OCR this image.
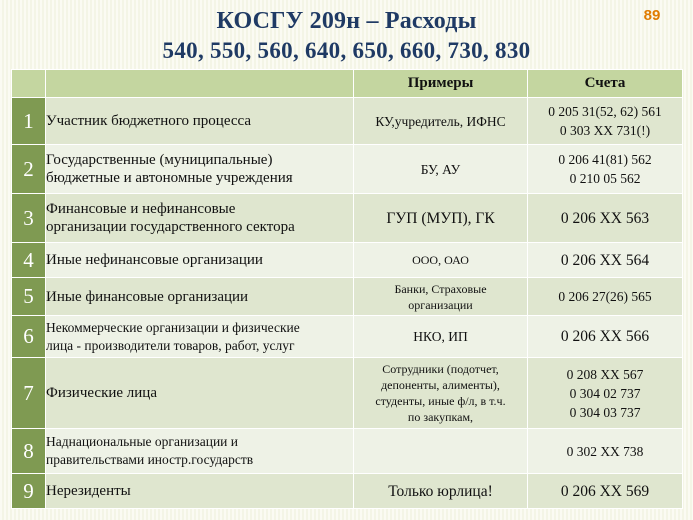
КОСГУ 209н – Расходы
540, 550, 560, 640, 650, 660, 730, 830
89
		Примеры	Счета
1	Участник бюджетного процесса	КУ,учредитель, ИФНС	0 205 31(52, 62) 561
0 303 ХХ 731(!)

2	Государственные (муниципальные)
бюджетные и автономные учреждения	БУ, АУ	0 206 41(81) 562
0 210 05 562

3	Финансовые и нефинансовые
организации государственного сектора	ГУП (МУП), ГК	0 206 ХХ 563

4	Иные нефинансовые организации	ООО, ОАО	0 206 ХХ 564

5	Иные финансовые организации	Банки, Страховые
организации	0 206 27(26) 565

6	Некоммерческие организации и физические
лица - производители товаров, работ, услуг	НКО, ИП	0 206 ХХ 566

7	Физические лица	Сотрудники (подотчет,
депоненты, алименты),
студенты, иные ф/л, в т.ч.
по закупкам,	0 208 ХХ 567
0 304 02 737
0 304 03 737

8	Наднациональные организации и
правительствами иностр.государств		0 302 ХХ 738

9	Нерезиденты	Только юрлица!	0 206 ХХ 569
